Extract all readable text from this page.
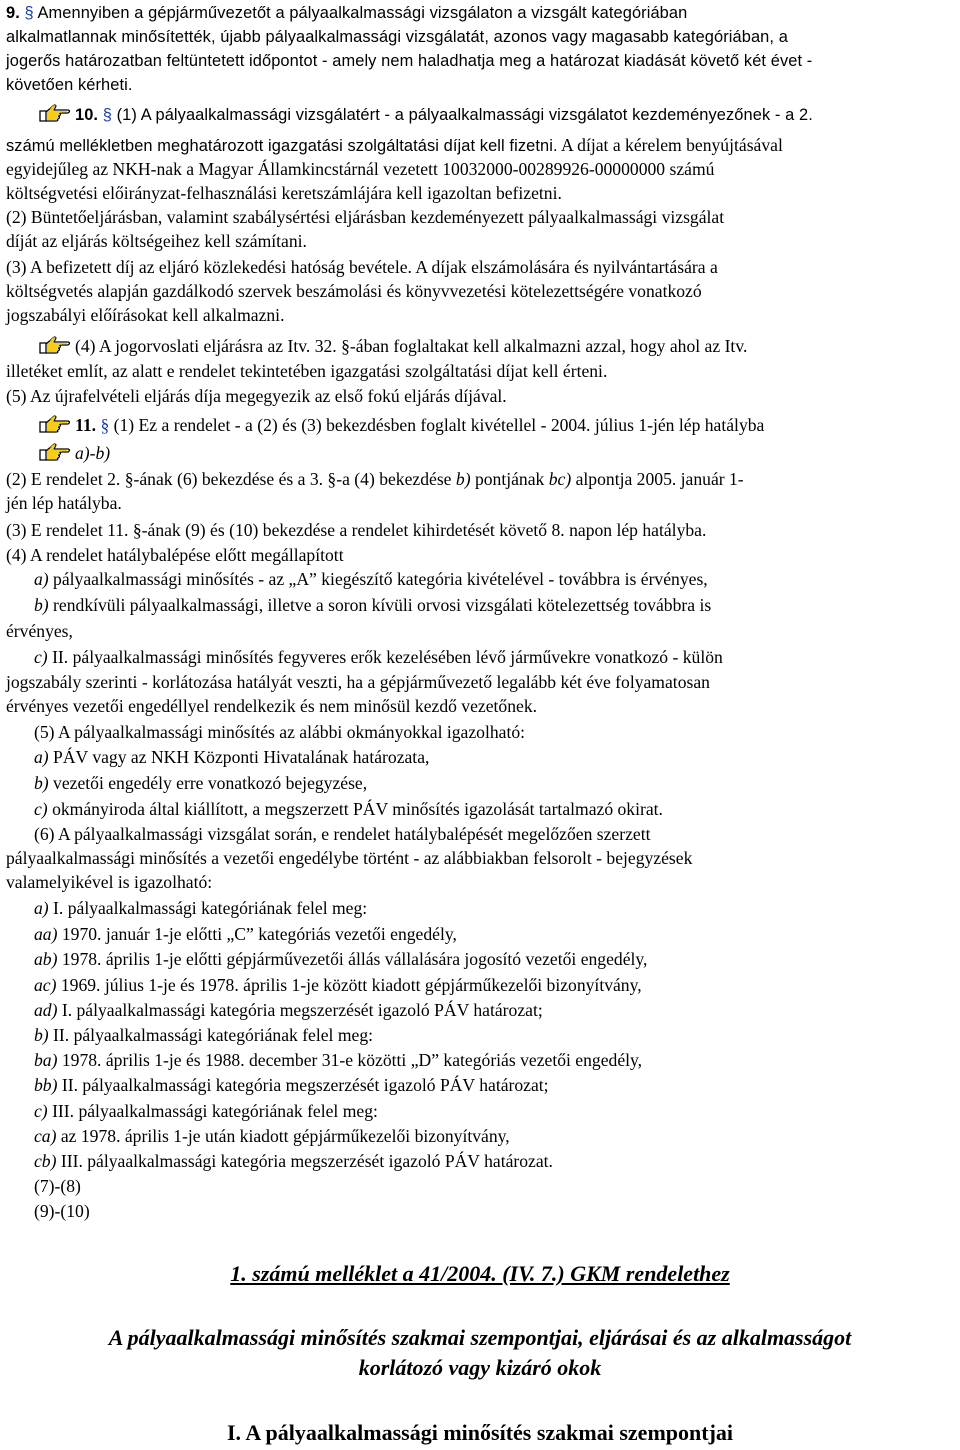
9. § Amennyiben a gépjárművezetőt a pályaalkalmassági vizsgálaton a vizsgált kategóriában
alkalmatlannak minősítették, újabb pályaalkalmassági vizsgálatát, azonos vagy magasabb kategóriában, a
jogerős határozatban feltüntetett időpontot - amely nem haladhatja meg a határozat kiadását követő két évet -
követően kérheti.
10. § (1) A pályaalkalmassági vizsgálatért - a pályaalkalmassági vizsgálatot kezdeményezőnek - a 2.
számú mellékletben meghatározott igazgatási szolgáltatási díjat kell fizetni. A díjat a kérelem benyújtásával
egyidejűleg az NKH-nak a Magyar Államkincstárnál vezetett 10032000-00289926-00000000 számú
költségvetési előirányzat-felhasználási keretszámlájára kell igazoltan befizetni.
(2) Büntetőeljárásban, valamint szabálysértési eljárásban kezdeményezett pályaalkalmassági vizsgálat
díját az eljárás költségeihez kell számítani.
(3) A befizetett díj az eljáró közlekedési hatóság bevétele. A díjak elszámolására és nyilvántartására a
költségvetés alapján gazdálkodó szervek beszámolási és könyvvezetési kötelezettségére vonatkozó
jogszabályi előírásokat kell alkalmazni.
(4) A jogorvoslati eljárásra az Itv. 32. §-ában foglaltakat kell alkalmazni azzal, hogy ahol az Itv.
illetéket említ, az alatt e rendelet tekintetében igazgatási szolgáltatási díjat kell érteni.
(5) Az újrafelvételi eljárás díja megegyezik az első fokú eljárás díjával.
11. § (1) Ez a rendelet - a (2) és (3) bekezdésben foglalt kivétellel - 2004. július 1-jén lép hatályba
a)-b)
(2) E rendelet 2. §-ának (6) bekezdése és a 3. §-a (4) bekezdése b) pontjának bc) alpontja 2005. január 1-
jén lép hatályba.
(3) E rendelet 11. §-ának (9) és (10) bekezdése a rendelet kihirdetését követő 8. napon lép hatályba.
(4) A rendelet hatálybalépése előtt megállapított
a) pályaalkalmassági minősítés - az „A” kiegészítő kategória kivételével - továbbra is érvényes,
b) rendkívüli pályaalkalmassági, illetve a soron kívüli orvosi vizsgálati kötelezettség továbbra is
érvényes,
c) II. pályaalkalmassági minősítés fegyveres erők kezelésében lévő járművekre vonatkozó - külön
jogszabály szerinti - korlátozása hatályát veszti, ha a gépjárművezető legalább két éve folyamatosan
érvényes vezetői engedéllyel rendelkezik és nem minősül kezdő vezetőnek.
(5) A pályaalkalmassági minősítés az alábbi okmányokkal igazolható:
a) PÁV vagy az NKH Központi Hivatalának határozata,
b) vezetői engedély erre vonatkozó bejegyzése,
c) okmányiroda által kiállított, a megszerzett PÁV minősítés igazolását tartalmazó okirat.
(6) A pályaalkalmassági vizsgálat során, e rendelet hatálybalépését megelőzően szerzett
pályaalkalmassági minősítés a vezetői engedélybe történt - az alábbiakban felsorolt - bejegyzések
valamelyikével is igazolható:
a) I. pályaalkalmassági kategóriának felel meg:
aa) 1970. január 1-je előtti „C” kategóriás vezetői engedély,
ab) 1978. április 1-je előtti gépjárművezetői állás vállalására jogosító vezetői engedély,
ac) 1969. július 1-je és 1978. április 1-je között kiadott gépjárműkezelői bizonyítvány,
ad) I. pályaalkalmassági kategória megszerzését igazoló PÁV határozat;
b) II. pályaalkalmassági kategóriának felel meg:
ba) 1978. április 1-je és 1988. december 31-e közötti „D” kategóriás vezetői engedély,
bb) II. pályaalkalmassági kategória megszerzését igazoló PÁV határozat;
c) III. pályaalkalmassági kategóriának felel meg:
ca) az 1978. április 1-je után kiadott gépjárműkezelői bizonyítvány,
cb) III. pályaalkalmassági kategória megszerzését igazoló PÁV határozat.
(7)-(8)
(9)-(10)
1. számú melléklet a 41/2004. (IV. 7.) GKM rendelethez
A pályaalkalmassági minősítés szakmai szempontjai, eljárásai és az alkalmasságot
korlátozó vagy kizáró okok
I. A pályaalkalmassági minősítés szakmai szempontjai
